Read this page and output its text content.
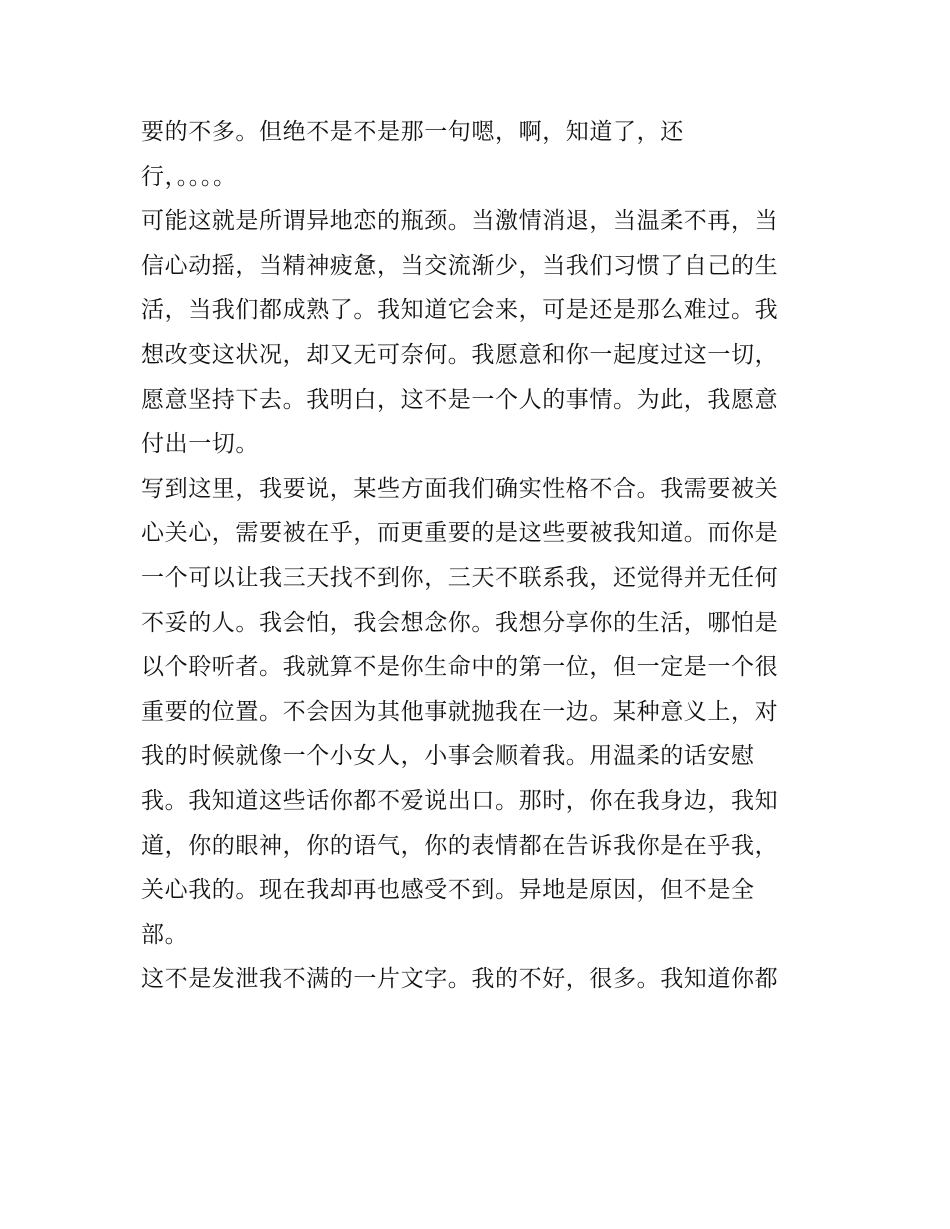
要的不多。但绝不是不是那一句嗯，啊，知道了，还
行，。。。。
可能这就是所谓异地恋的瓶颈。当激情消退，当温柔不再，当
信心动摇，当精神疲惫，当交流渐少，当我们习惯了自己的生
活，当我们都成熟了。我知道它会来，可是还是那么难过。我
想改变这状况，却又无可奈何。我愿意和你一起度过这一切，
愿意坚持下去。我明白，这不是一个人的事情。为此，我愿意
付出一切。
写到这里，我要说，某些方面我们确实性格不合。我需要被关
心关心，需要被在乎，而更重要的是这些要被我知道。而你是
一个可以让我三天找不到你，三天不联系我，还觉得并无任何
不妥的人。我会怕，我会想念你。我想分享你的生活，哪怕是
以个聆听者。我就算不是你生命中的第一位，但一定是一个很
重要的位置。不会因为其他事就抛我在一边。某种意义上，对
我的时候就像一个小女人，小事会顺着我。用温柔的话安慰
我。我知道这些话你都不爱说出口。那时，你在我身边，我知
道，你的眼神，你的语气，你的表情都在告诉我你是在乎我，
关心我的。现在我却再也感受不到。异地是原因，但不是全
部。
这不是发泄我不满的一片文字。我的不好，很多。我知道你都
